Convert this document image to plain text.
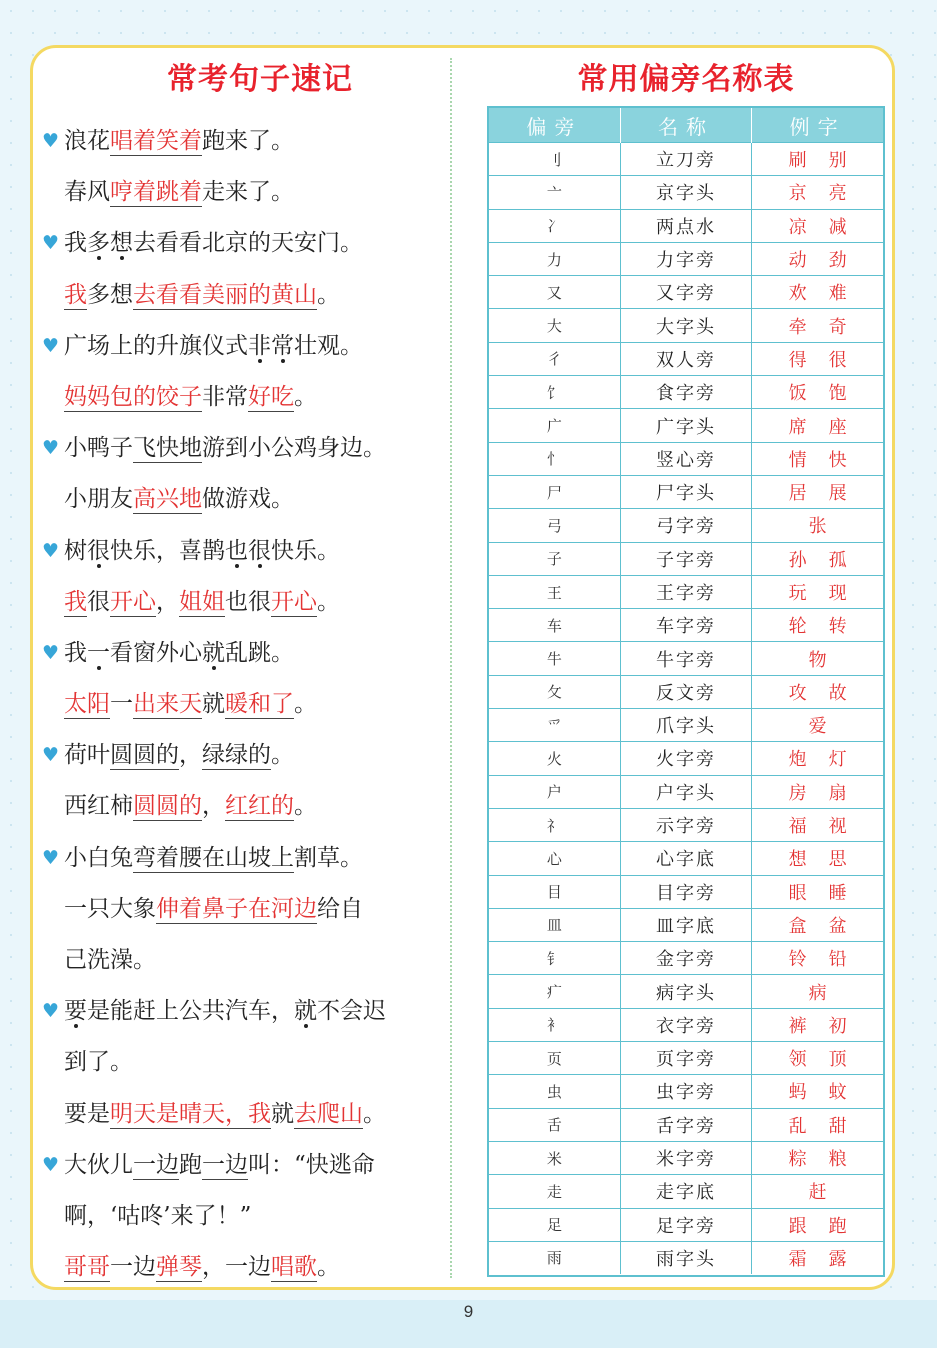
常考句子速记	常用偏旁名称表
♥ 浪花唱着笑着跑来了。
春风哼着跳着走来了。
♥ 我多想去看看北京的天安门。
我多想去看看美丽的黄山。
♥ 广场上的升旗仪式非常壮观。
妈妈包的饺子非常好吃。
♥ 小鸭子飞快地游到小公鸡身边。
小朋友高兴地做游戏。
♥ 树很快乐，喜鹊也很快乐。
我很开心，姐姐也很开心。
♥ 我一看窗外心就乱跳。
太阳一出来天就暖和了。
♥ 荷叶圆圆的，绿绿的。
西红柿圆圆的，红红的。
♥ 小白兔弯着腰在山坡上割草。
一只大象伸着鼻子在河边给自
己洗澡。
♥ 要是能赶上公共汽车，就不会迟
到了。
要是明天是晴天，我就去爬山。
♥ 大伙儿一边跑一边叫：“快逃命
啊，‘咕咚’来了！”
哥哥一边弹琴，一边唱歌。
偏旁	名称	例字
刂	立刀旁	刷别
亠	京字头	京亮
冫	两点水	凉减
力	力字旁	动劲
又	又字旁	欢难
大	大字头	牵奇
彳	双人旁	得很
饣	食字旁	饭饱
广	广字头	席座
忄	竖心旁	情快
尸	尸字头	居展
弓	弓字旁	张
子	子字旁	孙孤
王	王字旁	玩现
车	车字旁	轮转
牛	牛字旁	物
攵	反文旁	攻故
爫	爪字头	爱
火	火字旁	炮灯
户	户字头	房扇
礻	示字旁	福视
心	心字底	想思
目	目字旁	眼睡
皿	皿字底	盒盆
钅	金字旁	铃铅
疒	病字头	病
衤	衣字旁	裤初
页	页字旁	领顶
虫	虫字旁	蚂蚊
舌	舌字旁	乱甜
米	米字旁	粽粮
走	走字底	赶
足	足字旁	跟跑
雨	雨字头	霜露
9
